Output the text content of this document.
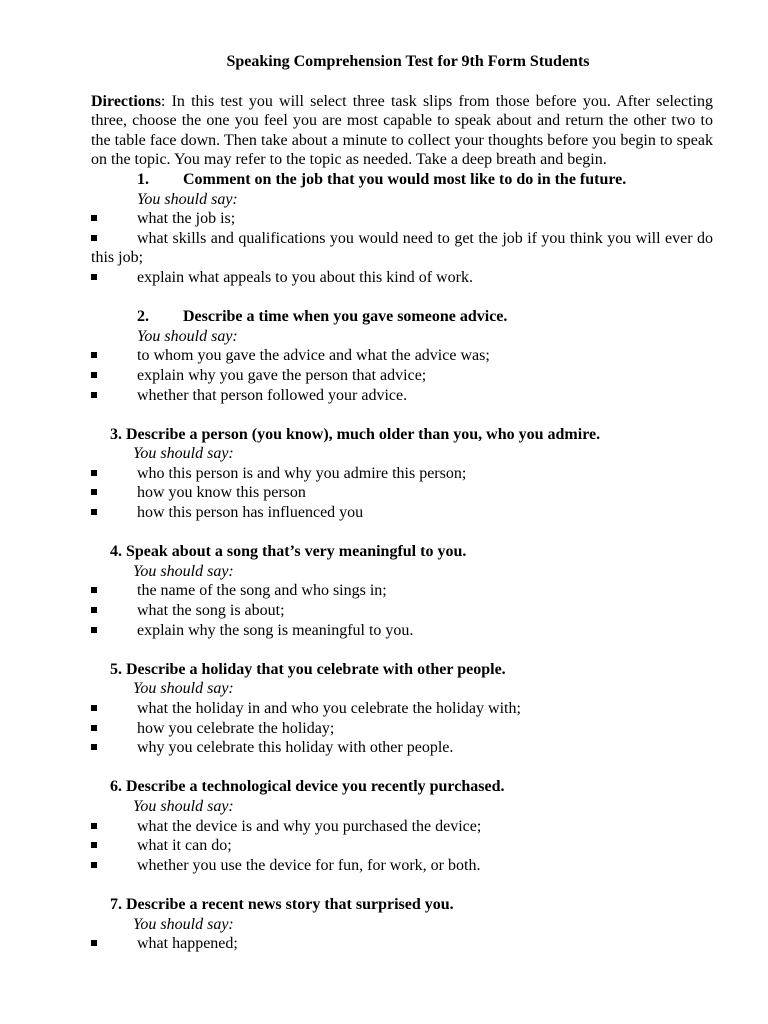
Speaking Comprehension Test for 9th Form Students

Directions: In this test you will select three task slips from those before you. After selecting three, choose the one you feel you are most capable to speak about and return the other two to the table face down. Then take about a minute to collect your thoughts before you begin to speak on the topic. You may refer to the topic as needed. Take a deep breath and begin.

1. Comment on the job that you would most like to do in the future.

You should say:

what the job is;
what skills and qualifications you would need to get the job if you think you will ever do this job;
explain what appeals to you about this kind of work.

2. Describe a time when you gave someone advice.

You should say:

to whom you gave the advice and what the advice was;
explain why you gave the person that advice;
whether that person followed your advice.

3. Describe a person (you know), much older than you, who you admire.

You should say:

who this person is and why you admire this person;
how you know this person
how this person has influenced you

4. Speak about a song that’s very meaningful to you.

You should say:

the name of the song and who sings in;
what the song is about;
explain why the song is meaningful to you.

5. Describe a holiday that you celebrate with other people.

You should say:

what the holiday in and who you celebrate the holiday with;
how you celebrate the holiday;
why you celebrate this holiday with other people.

6. Describe a technological device you recently purchased.

You should say:

what the device is and why you purchased the device;
what it can do;
whether you use the device for fun, for work, or both.

7. Describe a recent news story that surprised you.

You should say:

what happened;
